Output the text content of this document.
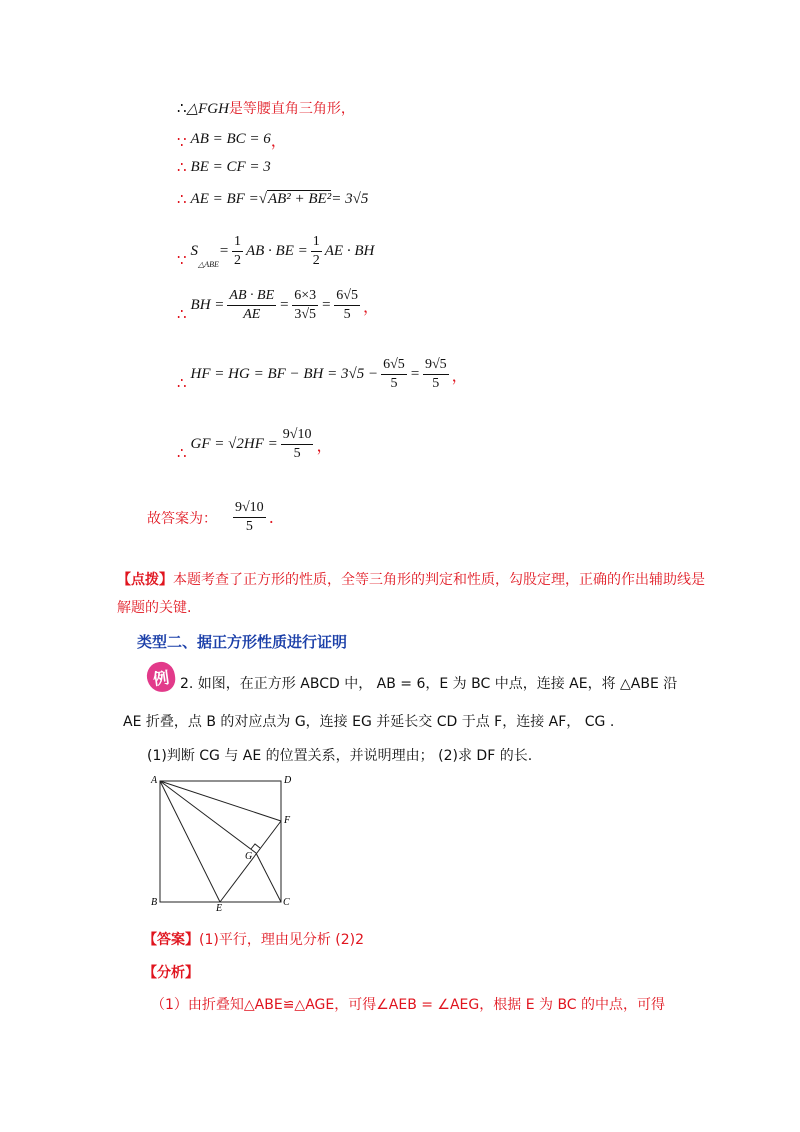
∴ △FGH 是等腰直角三角形，
∵ AB = BC = 6 ，
∴ BE = CF = 3
∴ AE = BF = √ AB² + BE² = 3√5
∵ S
△ABE
= $\frac{1}{2}$ AB · BE = $\frac{1}{2}$ AE · BH
∴ BH = $\frac{AB \cdot BE}{AE} = \frac{6\times 3}{3√5} = \frac{6√5}{5}$ ，
∴ HF = HG = BF − BH = $3√5 - \frac{6√5}{5} = \frac{9√5}{5}$ ，
∴ GF = $√2HF = \frac{9√10}{5}$ ，
故答案为： $\frac{9√10}{5}$ .
【点拨】本题考查了正方形的性质，全等三角形的判定和性质，勾股定理，正确的作出辅助线是解题的关键.
类型二、据正方形性质进行证明
例 2. 如图，在正方形 ABCD 中， AB = 6，E 为 BC 中点，连接 AE，将 △ABE 沿
AE 折叠，点 B 的对应点为 G，连接 EG 并延长交 CD 于点 F，连接 AF， CG .
(1)判断 CG 与 AE 的位置关系，并说明理由； (2)求 DF 的长.
A	D
F
G
B
E
C
【答案】 (1)平行，理由见分析 (2)2
【分析】
（1）由折叠知△ABE≌△AGE，可得∠AEB = ∠AEG，根据 E 为 BC 的中点，可得
